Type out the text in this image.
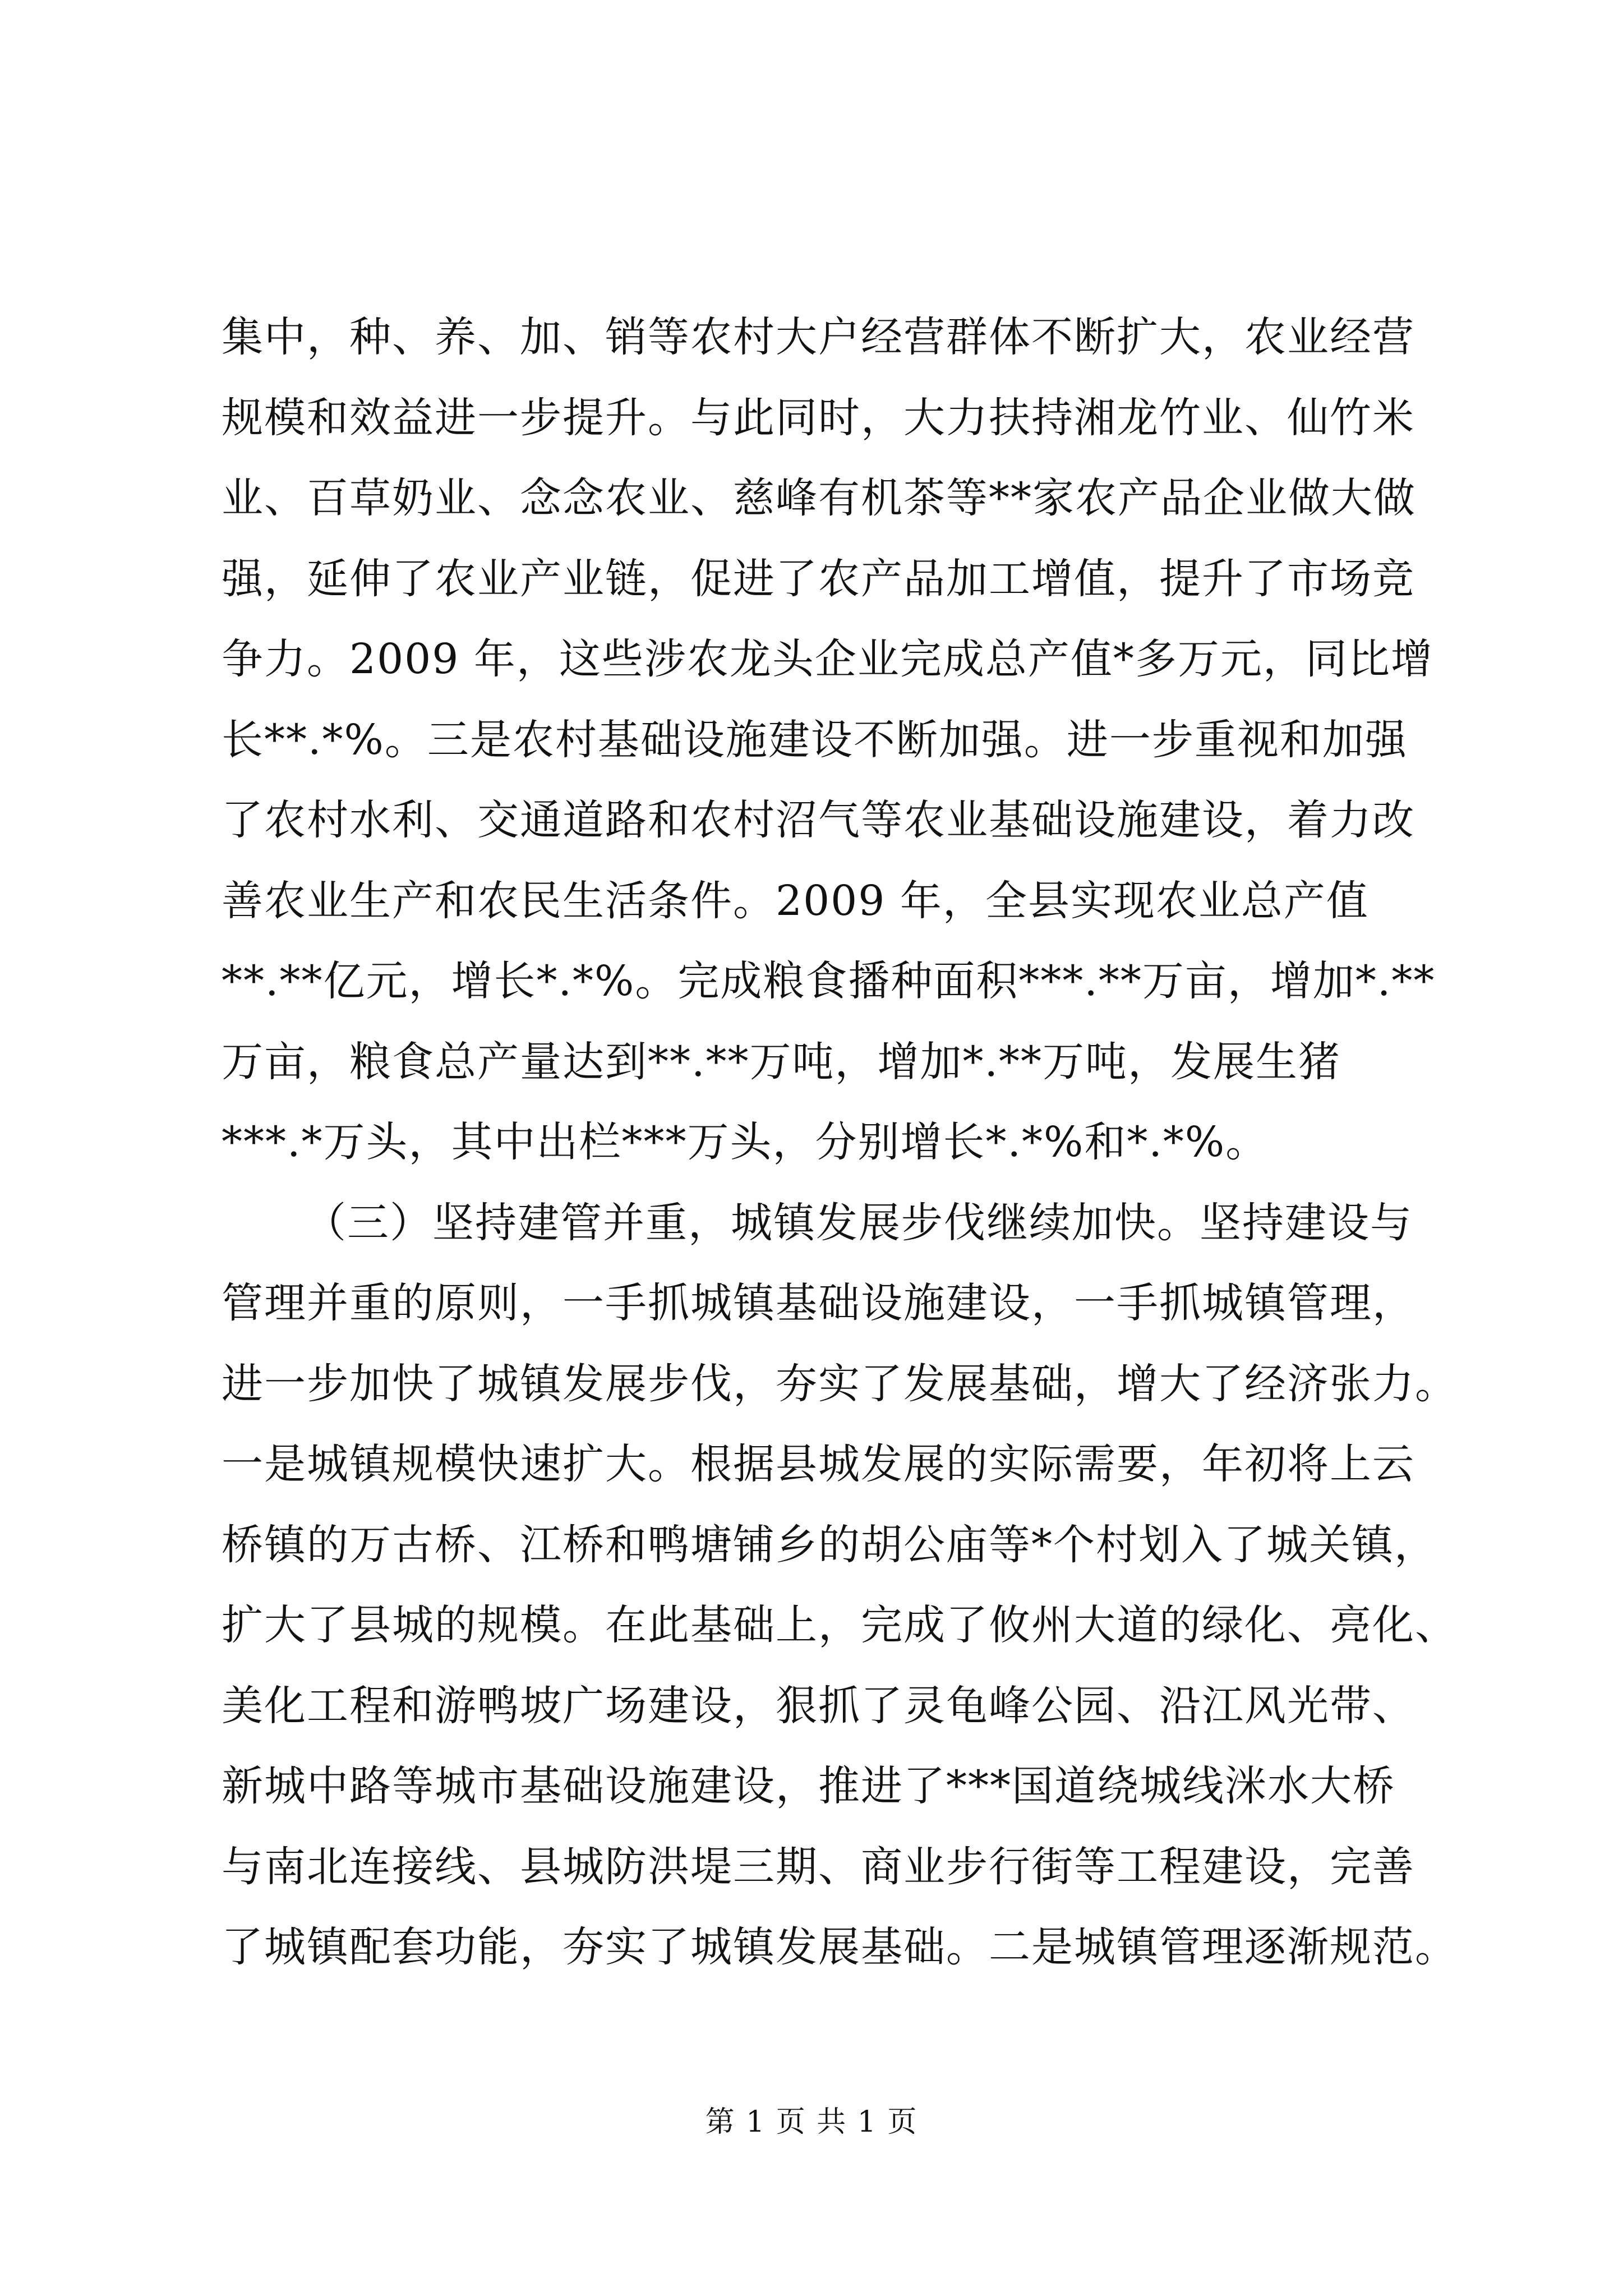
集中，种、养、加、销等农村大户经营群体不断扩大，农业经营
规模和效益进一步提升。与此同时，大力扶持湘龙竹业、仙竹米
业、百草奶业、念念农业、慈峰有机茶等**家农产品企业做大做
强，延伸了农业产业链，促进了农产品加工增值，提升了市场竞
争力。2009 年，这些涉农龙头企业完成总产值*多万元，同比增
长**.*%。三是农村基础设施建设不断加强。进一步重视和加强
了农村水利、交通道路和农村沼气等农业基础设施建设，着力改
善农业生产和农民生活条件。2009 年，全县实现农业总产值
**.**亿元，增长*.*%。完成粮食播种面积***.**万亩，增加*.**
万亩，粮食总产量达到**.**万吨，增加*.**万吨，发展生猪
***.*万头，其中出栏***万头，分别增长*.*%和*.*%。
（三）坚持建管并重，城镇发展步伐继续加快。坚持建设与
管理并重的原则，一手抓城镇基础设施建设，一手抓城镇管理，
进一步加快了城镇发展步伐，夯实了发展基础，增大了经济张力。
一是城镇规模快速扩大。根据县城发展的实际需要，年初将上云
桥镇的万古桥、江桥和鸭塘铺乡的胡公庙等*个村划入了城关镇，
扩大了县城的规模。在此基础上，完成了攸州大道的绿化、亮化、
美化工程和游鸭坡广场建设，狠抓了灵龟峰公园、沿江风光带、
新城中路等城市基础设施建设，推进了***国道绕城线洣水大桥
与南北连接线、县城防洪堤三期、商业步行街等工程建设，完善
了城镇配套功能，夯实了城镇发展基础。二是城镇管理逐渐规范。
第 1 页 共 1 页
